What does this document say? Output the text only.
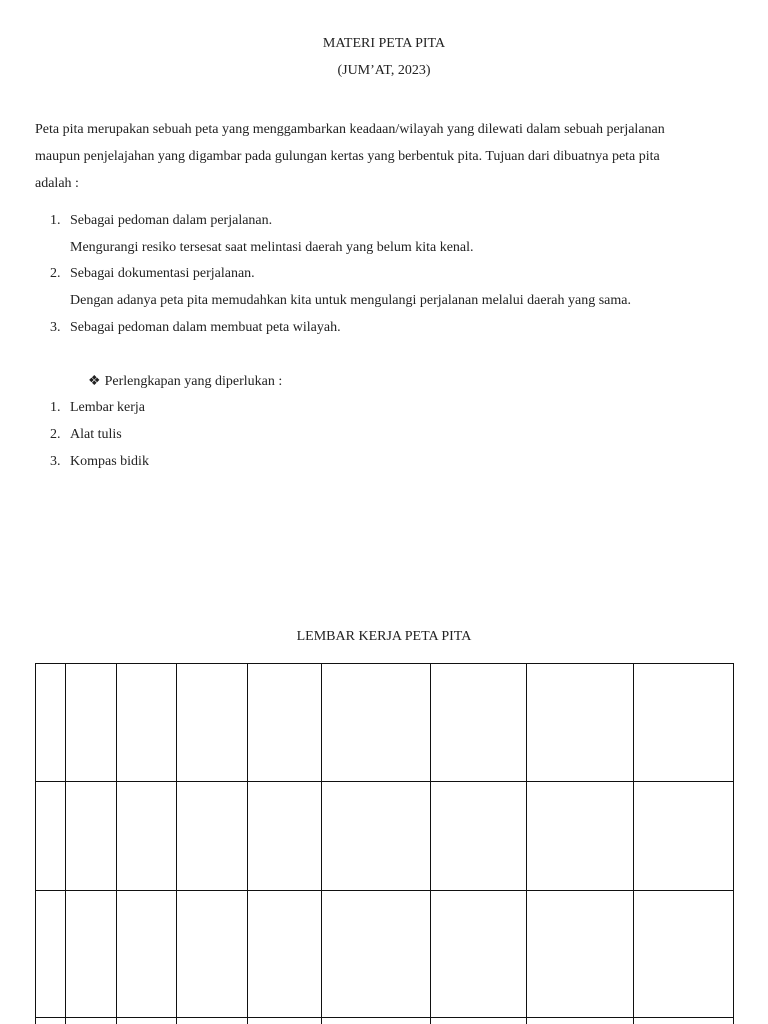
MATERI PETA PITA
(JUM’AT, 2023)

Peta pita merupakan sebuah peta yang menggambarkan keadaan/wilayah yang dilewati dalam sebuah perjalanan
maupun penjelajahan yang digambar pada gulungan kertas yang berbentuk pita. Tujuan dari dibuatnya peta pita
adalah :

1. Sebagai pedoman dalam perjalanan.
Mengurangi resiko tersesat saat melintasi daerah yang belum kita kenal.
2. Sebagai dokumentasi perjalanan.
Dengan adanya peta pita memudahkan kita untuk mengulangi perjalanan melalui daerah yang sama.
3. Sebagai pedoman dalam membuat peta wilayah.
❖ Perlengkapan yang diperlukan :
1. Lembar kerja
2. Alat tulis
3. Kompas bidik
LEMBAR KERJA PETA PITA
